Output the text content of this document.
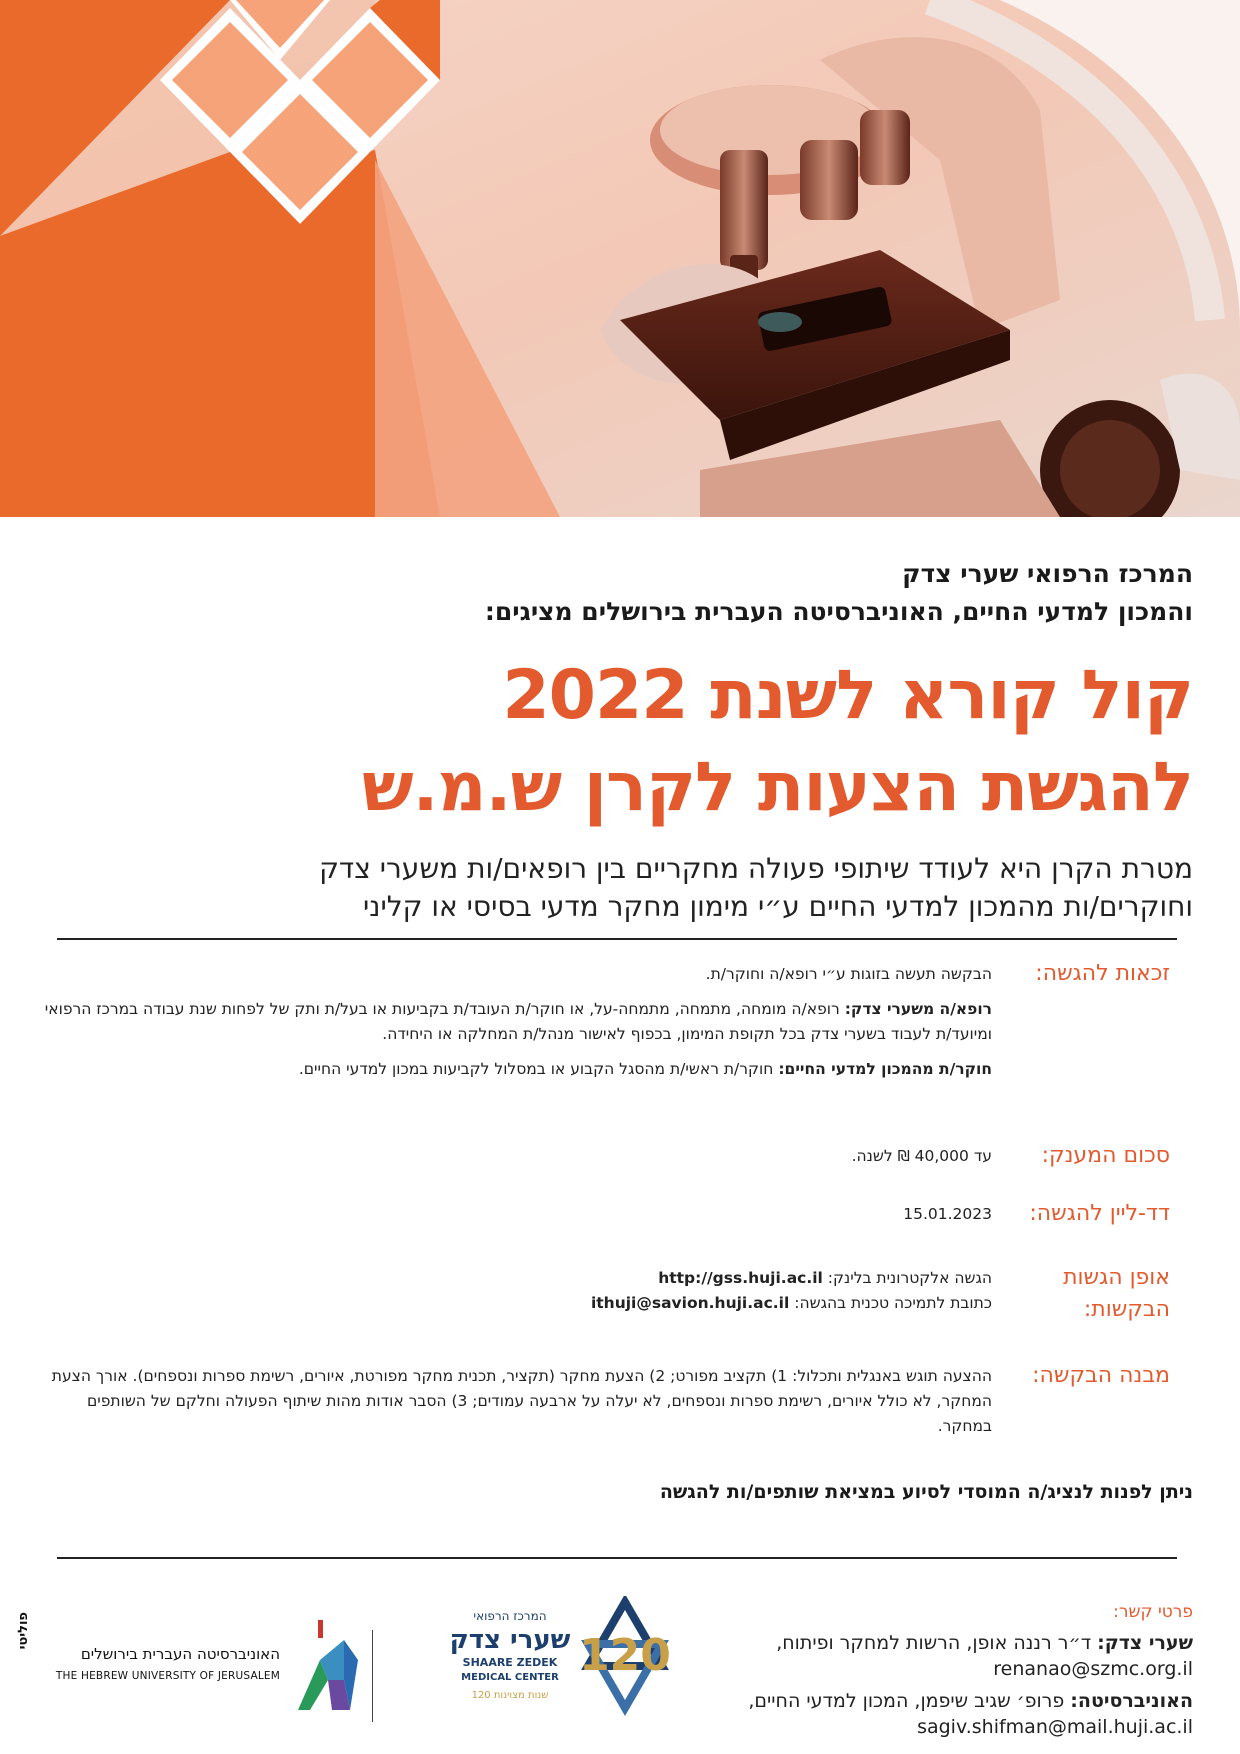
המרכז הרפואי שערי צדק
והמכון למדעי החיים, האוניברסיטה העברית בירושלים מציגים:
קול קורא לשנת 2022
להגשת הצעות לקרן ש.מ.ש
מטרת הקרן היא לעודד שיתופי פעולה מחקריים בין רופאים/ות משערי צדק
וחוקרים/ות מהמכון למדעי החיים ע״י מימון מחקר מדעי בסיסי או קליני
זכאות להגשה:

הבקשה תעשה בזוגות ע״י רופא/ה וחוקר/ת.

רופא/ה משערי צדק: רופא/ה מומחה, מתמחה, מתמחה-על, או חוקר/ת העובד/ת בקביעות או בעל/ת ותק של לפחות שנת עבודה במרכז הרפואי ומיועד/ת לעבוד בשערי צדק בכל תקופת המימון, בכפוף לאישור מנהל/ת המחלקה או היחידה.

חוקר/ת מהמכון למדעי החיים: חוקר/ת ראשי/ת מהסגל הקבוע או במסלול לקביעות במכון למדעי החיים.

סכום המענק:
עד 40,000 ₪ לשנה.
דד-ליין להגשה:
15.01.2023
אופן הגשות
הבקשות:
הגשה אלקטרונית בלינק: http://gss.huji.ac.il
כתובת לתמיכה טכנית בהגשה: ithuji@savion.huji.ac.il
מבנה הבקשה:
ההצעה תוגש באנגלית ותכלול: 1) תקציב מפורט; 2) הצעת מחקר (תקציר, תכנית מחקר מפורטת, איורים, רשימת ספרות ונספחים). אורך הצעת המחקר, לא כולל איורים, רשימת ספרות ונספחים, לא יעלה על ארבעה עמודים; 3) הסבר אודות מהות שיתוף הפעולה וחלקם של השותפים במחקר.
ניתן לפנות לנציג/ה המוסדי לסיוע במציאת שותפים/ות להגשה
פרטי קשר:
שערי צדק: ד״ר רננה אופן, הרשות למחקר ופיתוח,
renanao@szmc.org.il
האוניברסיטה: פרופ׳ שגיב שיפמן, המכון למדעי החיים,
sagiv.shifman@mail.huji.ac.il
120
המרכז הרפואי
שערי צדק
SHAARE ZEDEK
MEDICAL CENTER
120 שנות מצוינות
האוניברסיטה העברית בירושלים
THE HEBREW UNIVERSITY OF JERUSALEM
פוליטי
